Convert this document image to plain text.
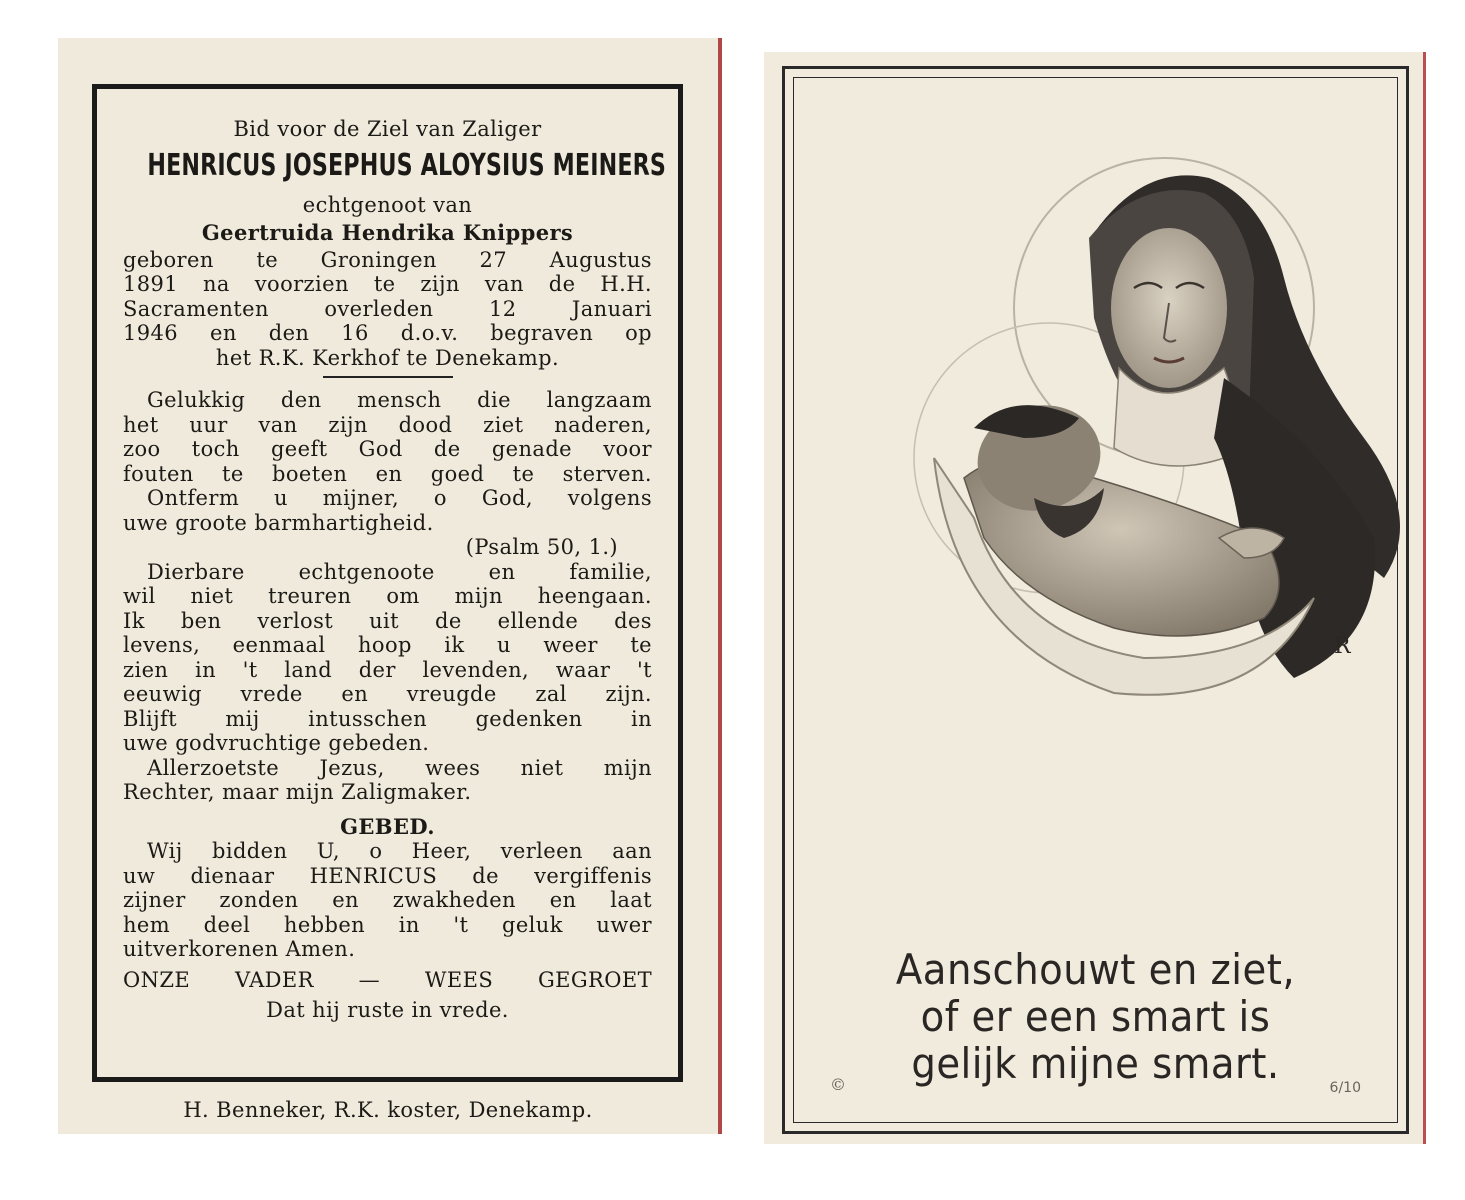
Bid voor de Ziel van Zaliger
HENRICUS JOSEPHUS ALOYSIUS MEINERS
echtgenoot van
Geertruida Hendrika Knippers
geboren te Groningen 27 Augustus
1891 na voorzien te zijn van de H.H.
Sacramenten overleden 12 Januari
1946 en den 16 d.o.v. begraven op
het R.K. Kerkhof te Denekamp.
Gelukkig den mensch die langzaam
het uur van zijn dood ziet naderen,
zoo toch geeft God de genade voor
fouten te boeten en goed te sterven.
Ontferm u mijner, o God, volgens
uwe groote barmhartigheid.
(Psalm 50, 1.)
Dierbare echtgenoote en familie,
wil niet treuren om mijn heengaan.
Ik ben verlost uit de ellende des
levens, eenmaal hoop ik u weer te
zien in 't land der levenden, waar 't
eeuwig vrede en vreugde zal zijn.
Blijft mij intusschen gedenken in
uwe godvruchtige gebeden.
Allerzoetste Jezus, wees niet mijn
Rechter, maar mijn Zaligmaker.
GEBED.
Wij bidden U, o Heer, verleen aan
uw dienaar HENRICUS de vergiffenis
zijner zonden en zwakheden en laat
hem deel hebben in 't geluk uwer
uitverkorenen Amen.
ONZE VADER — WEES GEGROET
Dat hij ruste in vrede.
H. Benneker, R.K. koster, Denekamp.
R
Aanschouwt en ziet,
of er een smart is
gelijk mijne smart.
©	6/10
